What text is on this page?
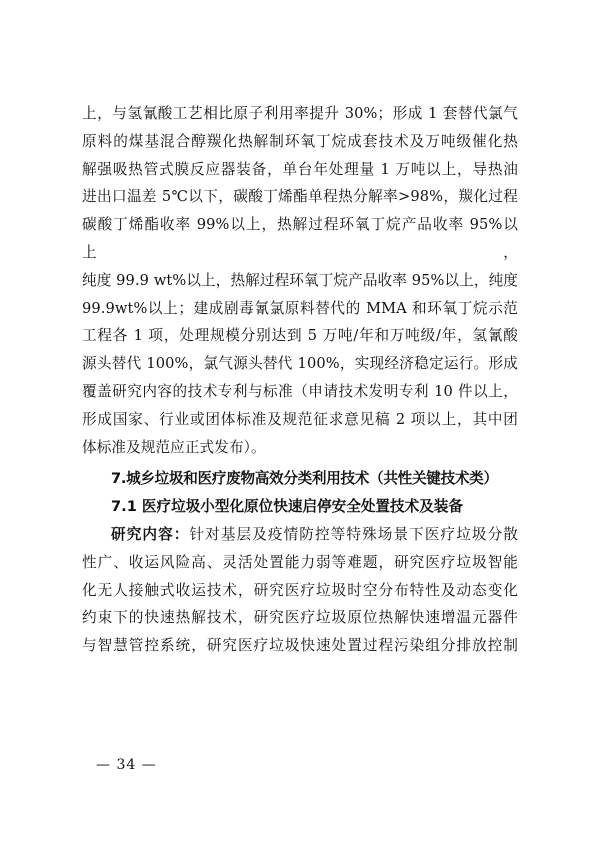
上，与氢氰酸工艺相比原子利用率提升 30%；形成 1 套替代氯气

原料的煤基混合醇羰化热解制环氧丁烷成套技术及万吨级催化热

解强吸热管式膜反应器装备，单台年处理量 1 万吨以上，导热油

进出口温差 5℃以下，碳酸丁烯酯单程热分解率>98%，羰化过程

碳酸丁烯酯收率 99%以上，热解过程环氧丁烷产品收率 95%以上，

纯度 99.9 wt%以上，热解过程环氧丁烷产品收率 95%以上，纯度

99.9wt%以上；建成剧毒氰氯原料替代的 MMA 和环氧丁烷示范

工程各 1 项，处理规模分别达到 5 万吨/年和万吨级/年，氢氰酸

源头替代 100%，氯气源头替代 100%，实现经济稳定运行。形成

覆盖研究内容的技术专利与标准（申请技术发明专利 10 件以上，

形成国家、行业或团体标准及规范征求意见稿 2 项以上，其中团

体标准及规范应正式发布）。

7.城乡垃圾和医疗废物高效分类利用技术（共性关键技术类）

7.1 医疗垃圾小型化原位快速启停安全处置技术及装备

研究内容：针对基层及疫情防控等特殊场景下医疗垃圾分散

性广、收运风险高、灵活处置能力弱等难题，研究医疗垃圾智能

化无人接触式收运技术，研究医疗垃圾时空分布特性及动态变化

约束下的快速热解技术，研究医疗垃圾原位热解快速增温元器件

与智慧管控系统，研究医疗垃圾快速处置过程污染组分排放控制

— 34 —
